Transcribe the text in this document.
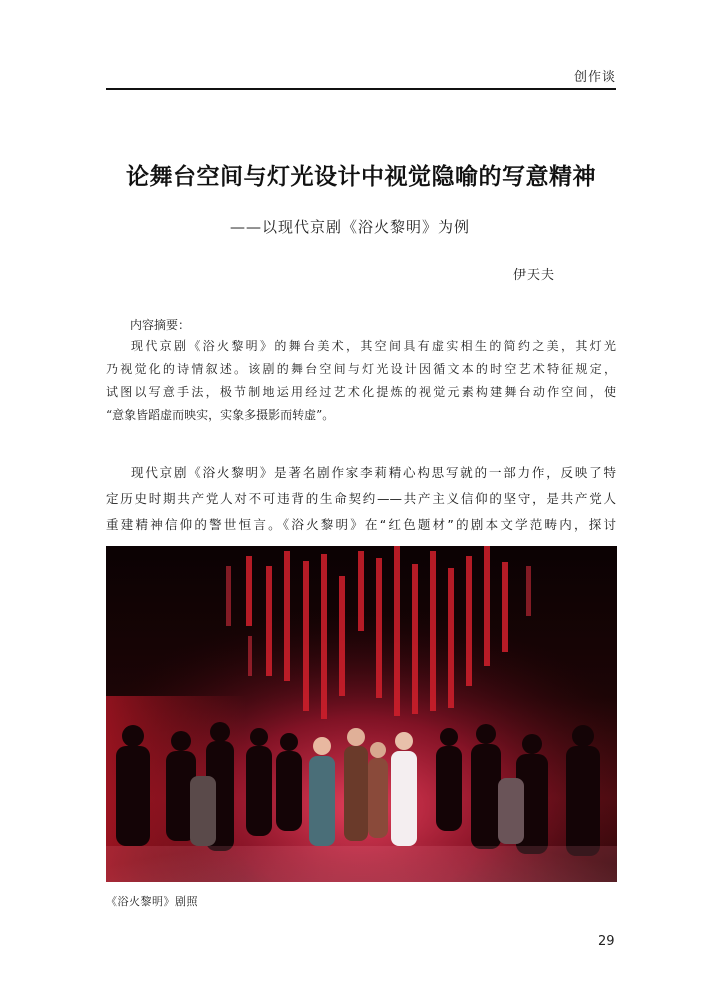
创作谈
论舞台空间与灯光设计中视觉隐喻的写意精神
——以现代京剧《浴火黎明》为例
伊天夫
内容摘要：

现代京剧《浴火黎明》的舞台美术，其空间具有虚实相生的简约之美，其灯光
乃视觉化的诗情叙述。该剧的舞台空间与灯光设计因循文本的时空艺术特征规定，
试图以写意手法，极节制地运用经过艺术化提炼的视觉元素构建舞台动作空间，使
“意象皆蹈虚而映实，实象多摄影而转虚”。

现代京剧《浴火黎明》是著名剧作家李莉精心构思写就的一部力作，反映了特
定历史时期共产党人对不可违背的生命契约——共产主义信仰的坚守，是共产党人
重建精神信仰的警世恒言。《浴火黎明》在“红色题材”的剧本文学范畴内，探讨

《浴火黎明》剧照
29
